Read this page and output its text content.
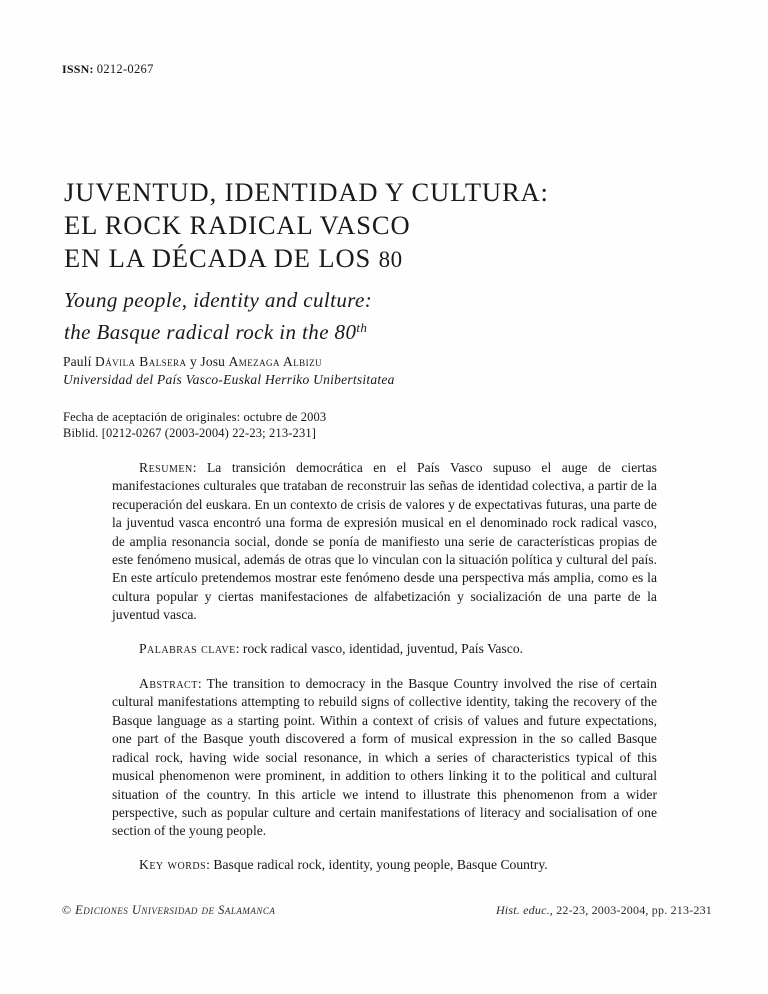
ISSN: 0212-0267
JUVENTUD, IDENTIDAD Y CULTURA:
EL ROCK RADICAL VASCO
EN LA DÉCADA DE LOS 80
Young people, identity and culture:
the Basque radical rock in the 80th
Paulí Dávila Balsera y Josu Amezaga Albizu
Universidad del País Vasco-Euskal Herriko Unibertsitatea
Fecha de aceptación de originales: octubre de 2003
Biblid. [0212-0267 (2003-2004) 22-23; 213-231]

Resumen: La transición democrática en el País Vasco supuso el auge de ciertas manifestaciones culturales que trataban de reconstruir las señas de identidad colectiva, a partir de la recuperación del euskara. En un contexto de crisis de valores y de expectativas futuras, una parte de la juventud vasca encontró una forma de expresión musical en el denominado rock radical vasco, de amplia resonancia social, donde se ponía de manifiesto una serie de características propias de este fenómeno musical, además de otras que lo vinculan con la situación política y cultural del país. En este artículo pretendemos mostrar este fenómeno desde una perspectiva más amplia, como es la cultura popular y ciertas manifestaciones de alfabetización y socialización de una parte de la juventud vasca.

Palabras clave: rock radical vasco, identidad, juventud, País Vasco.

Abstract: The transition to democracy in the Basque Country involved the rise of certain cultural manifestations attempting to rebuild signs of collective identity, taking the recovery of the Basque language as a starting point. Within a context of crisis of values and future expectations, one part of the Basque youth discovered a form of musical expression in the so called Basque radical rock, having wide social resonance, in which a series of characteristics typical of this musical phenomenon were prominent, in addition to others linking it to the political and cultural situation of the country. In this article we intend to illustrate this phenomenon from a wider perspective, such as popular culture and certain manifestations of literacy and socialisation of one section of the young people.

Key words: Basque radical rock, identity, young people, Basque Country.

© Ediciones Universidad de Salamanca	Hist. educ., 22-23, 2003-2004, pp. 213-231
